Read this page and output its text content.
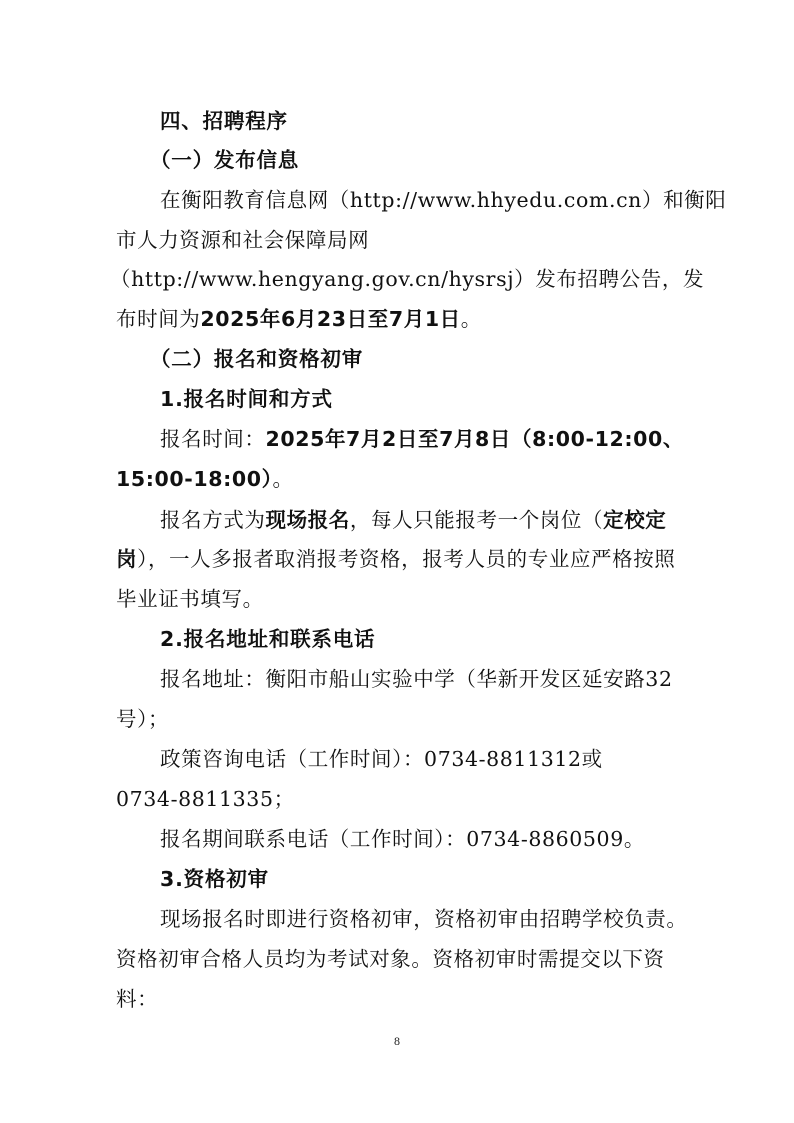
四、招聘程序
（一）发布信息
在衡阳教育信息网（http://www.hhyedu.com.cn）和衡阳
市人力资源和社会保障局网
（http://www.hengyang.gov.cn/hysrsj）发布招聘公告，发
布时间为2025年6月23日至7月1日。
（二）报名和资格初审
1.报名时间和方式
报名时间：2025年7月2日至7月8日（8:00-12:00、
15:00-18:00）。
报名方式为现场报名，每人只能报考一个岗位（定校定
岗），一人多报者取消报考资格，报考人员的专业应严格按照
毕业证书填写。
2.报名地址和联系电话
报名地址：衡阳市船山实验中学（华新开发区延安路32
号）；
政策咨询电话（工作时间）：0734-8811312或
0734-8811335；
报名期间联系电话（工作时间）：0734-8860509。
3.资格初审
现场报名时即进行资格初审，资格初审由招聘学校负责。
资格初审合格人员均为考试对象。资格初审时需提交以下资
料：
8
